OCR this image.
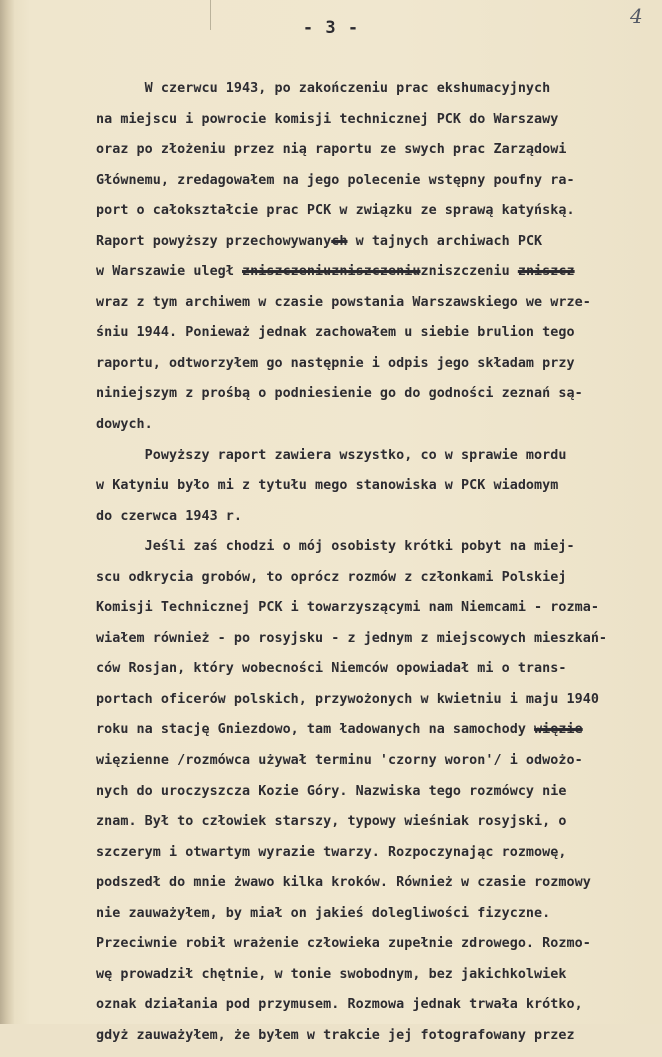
- 3 -	4
W czerwcu 1943, po zakończeniu prac ekshumacyjnych
na miejscu i powrocie komisji technicznej PCK do Warszawy
oraz po złożeniu przez nią raportu ze swych prac Zarządowi
Głównemu, zredagowałem na jego polecenie wstępny poufny ra-
port o całokształcie prac PCK w związku ze sprawą katyńską.
Raport powyższy przechowywanych w tajnych archiwach PCK
w Warszawie uległ zniszczeniuzniszczeniuzniszczeniu zniszcz
wraz z tym archiwem w czasie powstania Warszawskiego we wrze-
śniu 1944. Ponieważ jednak zachowałem u siebie brulion tego
raportu, odtworzyłem go następnie i odpis jego składam przy
niniejszym z prośbą o podniesienie go do godności zeznań są-
dowych.
Powyższy raport zawiera wszystko, co w sprawie mordu
w Katyniu było mi z tytułu mego stanowiska w PCK wiadomym
do czerwca 1943 r.
Jeśli zaś chodzi o mój osobisty krótki pobyt na miej-
scu odkrycia grobów, to oprócz rozmów z członkami Polskiej
Komisji Technicznej PCK i towarzyszącymi nam Niemcami - rozma-
wiałem również - po rosyjsku - z jednym z miejscowych mieszkań-
ców Rosjan, który wobecności Niemców opowiadał mi o trans-
portach oficerów polskich, przywożonych w kwietniu i maju 1940
roku na stację Gniezdowo, tam ładowanych na samochody więzie
więzienne /rozmówca używał terminu 'czorny woron'/ i odwożo-
nych do uroczyszcza Kozie Góry. Nazwiska tego rozmówcy nie
znam. Był to człowiek starszy, typowy wieśniak rosyjski, o
szczerym i otwartym wyrazie twarzy. Rozpoczynając rozmowę,
podszedł do mnie żwawo kilka kroków. Również w czasie rozmowy
nie zauważyłem, by miał on jakieś dolegliwości fizyczne.
Przeciwnie robił wrażenie człowieka zupełnie zdrowego. Rozmo-
wę prowadził chętnie, w tonie swobodnym, bez jakichkolwiek
oznak działania pod przymusem. Rozmowa jednak trwała krótko,
gdyż zauważyłem, że byłem w trakcie jej fotografowany przez
